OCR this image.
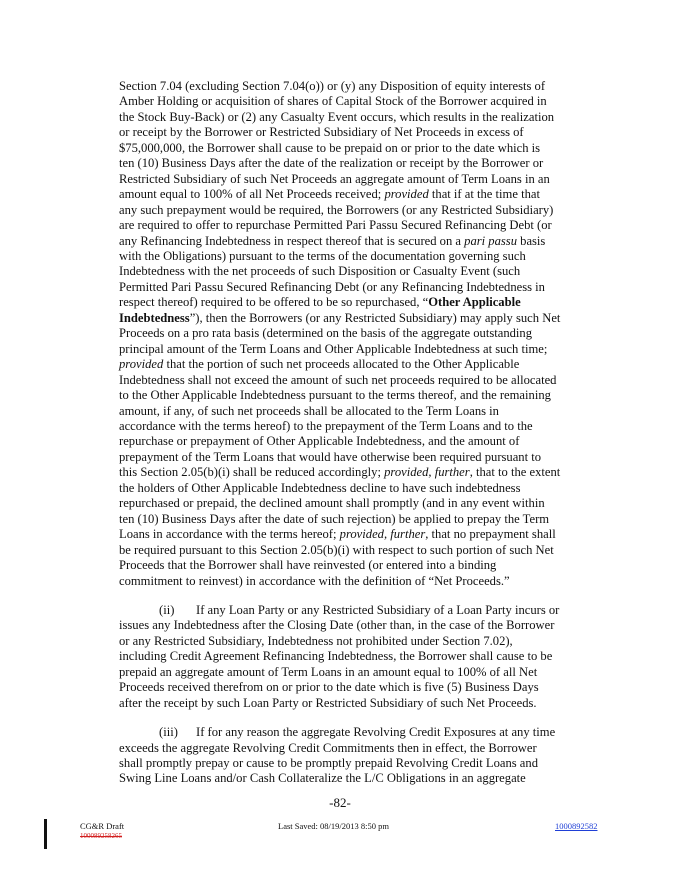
Section 7.04 (excluding Section 7.04(o)) or (y) any Disposition of equity interests of

Amber Holding or acquisition of shares of Capital Stock of the Borrower acquired in

the Stock Buy-Back) or (2) any Casualty Event occurs, which results in the realization

or receipt by the Borrower or Restricted Subsidiary of Net Proceeds in excess of

$75,000,000, the Borrower shall cause to be prepaid on or prior to the date which is

ten (10) Business Days after the date of the realization or receipt by the Borrower or

Restricted Subsidiary of such Net Proceeds an aggregate amount of Term Loans in an

amount equal to 100% of all Net Proceeds received; provided that if at the time that

any such prepayment would be required, the Borrowers (or any Restricted Subsidiary)

are required to offer to repurchase Permitted Pari Passu Secured Refinancing Debt (or

any Refinancing Indebtedness in respect thereof that is secured on a pari passu basis

with the Obligations) pursuant to the terms of the documentation governing such

Indebtedness with the net proceeds of such Disposition or Casualty Event (such

Permitted Pari Passu Secured Refinancing Debt (or any Refinancing Indebtedness in

respect thereof) required to be offered to be so repurchased, “Other Applicable

Indebtedness”), then the Borrowers (or any Restricted Subsidiary) may apply such Net

Proceeds on a pro rata basis (determined on the basis of the aggregate outstanding

principal amount of the Term Loans and Other Applicable Indebtedness at such time;

provided that the portion of such net proceeds allocated to the Other Applicable

Indebtedness shall not exceed the amount of such net proceeds required to be allocated

to the Other Applicable Indebtedness pursuant to the terms thereof, and the remaining

amount, if any, of such net proceeds shall be allocated to the Term Loans in

accordance with the terms hereof) to the prepayment of the Term Loans and to the

repurchase or prepayment of Other Applicable Indebtedness, and the amount of

prepayment of the Term Loans that would have otherwise been required pursuant to

this Section 2.05(b)(i) shall be reduced accordingly; provided, further, that to the extent

the holders of Other Applicable Indebtedness decline to have such indebtedness

repurchased or prepaid, the declined amount shall promptly (and in any event within

ten (10) Business Days after the date of such rejection) be applied to prepay the Term

Loans in accordance with the terms hereof; provided, further, that no prepayment shall

be required pursuant to this Section 2.05(b)(i) with respect to such portion of such Net

Proceeds that the Borrower shall have reinvested (or entered into a binding

commitment to reinvest) in accordance with the definition of “Net Proceeds.”

(ii) If any Loan Party or any Restricted Subsidiary of a Loan Party incurs or

issues any Indebtedness after the Closing Date (other than, in the case of the Borrower

or any Restricted Subsidiary, Indebtedness not prohibited under Section 7.02),

including Credit Agreement Refinancing Indebtedness, the Borrower shall cause to be

prepaid an aggregate amount of Term Loans in an amount equal to 100% of all Net

Proceeds received therefrom on or prior to the date which is five (5) Business Days

after the receipt by such Loan Party or Restricted Subsidiary of such Net Proceeds.

(iii) If for any reason the aggregate Revolving Credit Exposures at any time

exceeds the aggregate Revolving Credit Commitments then in effect, the Borrower

shall promptly prepay or cause to be promptly prepaid Revolving Credit Loans and

Swing Line Loans and/or Cash Collateralize the L/C Obligations in an aggregate

-82-
CG&R Draft
100089258265
Last Saved: 08/19/2013 8:50 pm	1000892582
